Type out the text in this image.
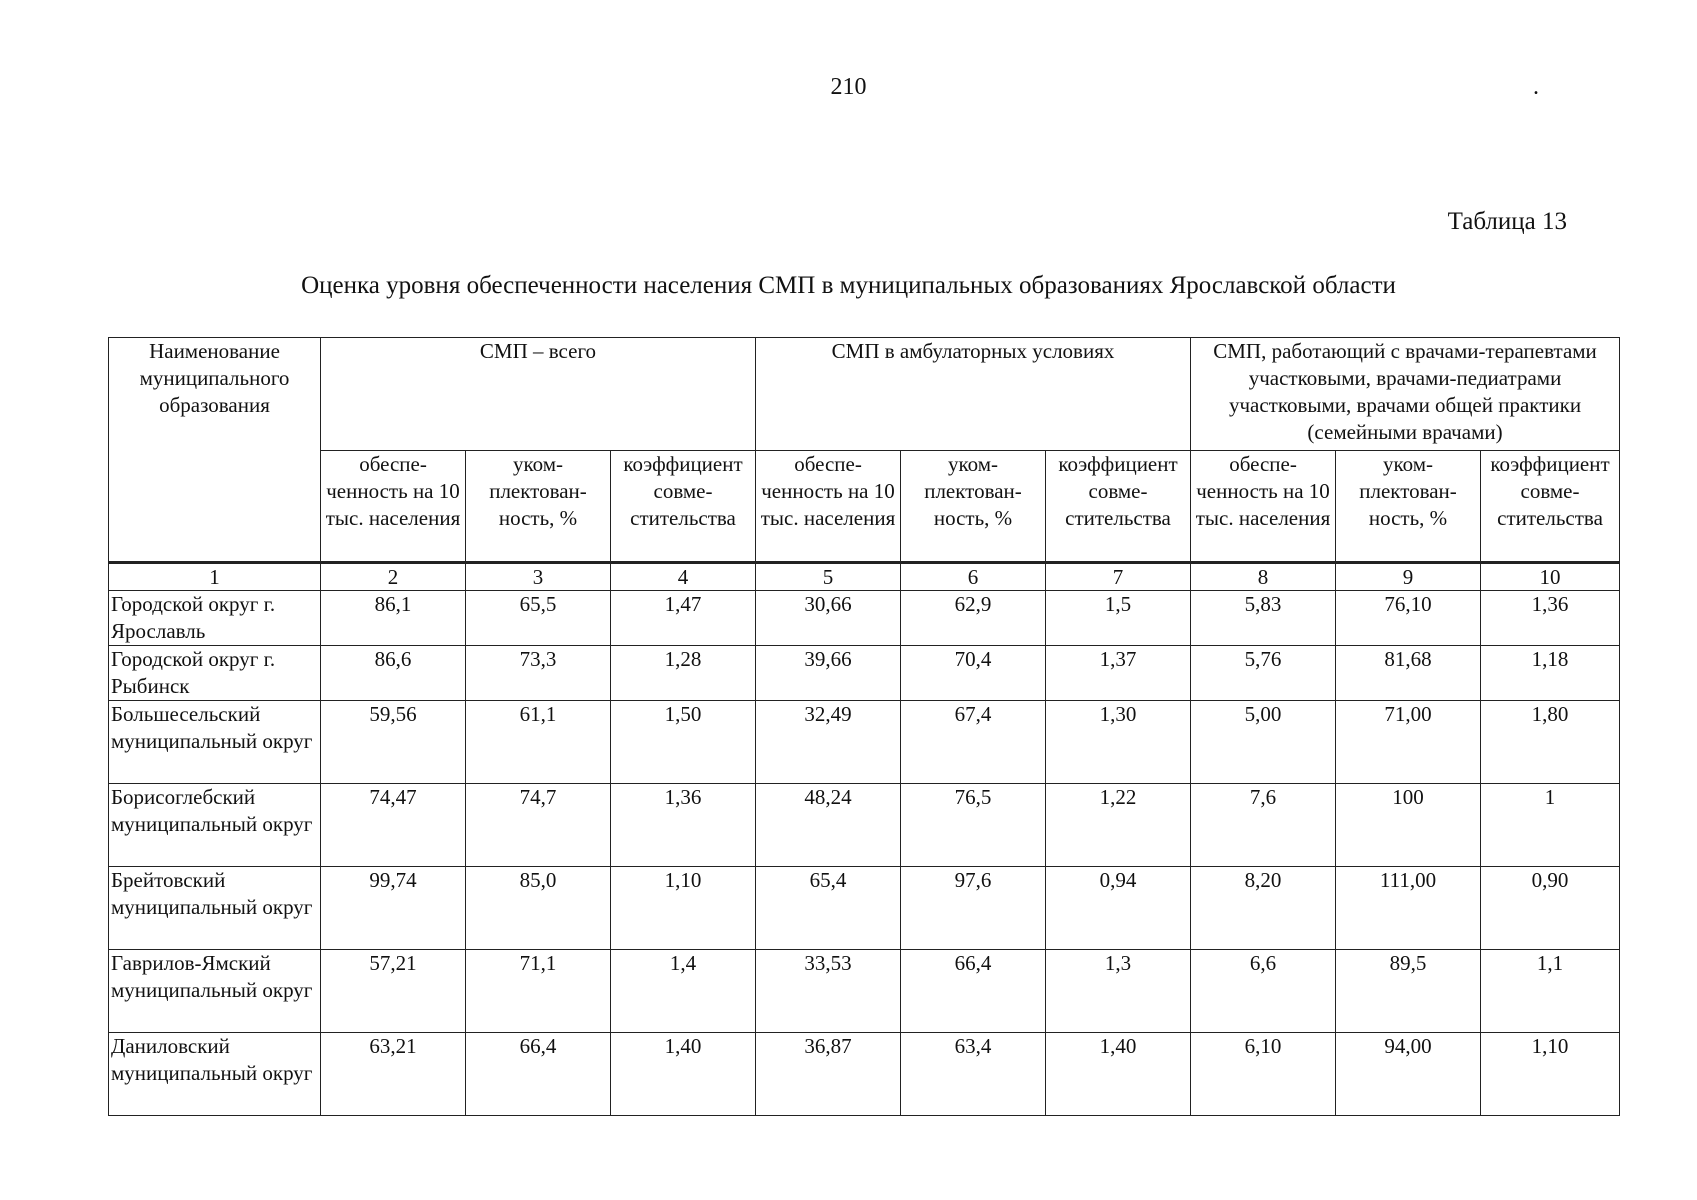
210	.
Таблица 13
Оценка уровня обеспеченности населения СМП в муниципальных образованиях Ярославской области
Наименование муниципального образования	СМП – всего			СМП в амбулаторных условиях			СМП, работающий с врачами-терапевтами участковыми, врачами-педиатрами участковыми, врачами общей практики (семейными врачами)		
	обеспе-ченность на 10 тыс. населения	уком-плектован-ность, %	коэффициент совме-стительства	обеспе-ченность на 10 тыс. населения	уком-плектован-ность, %	коэффициент совме-стительства	обеспе-ченность на 10 тыс. населения	уком-плектован-ность, %	коэффициент совме-стительства
1	2	3	4	5	6	7	8	9	10
Городской округ г. Ярославль	86,1	65,5	1,47	30,66	62,9	1,5	5,83	76,10	1,36
Городской округ г. Рыбинск	86,6	73,3	1,28	39,66	70,4	1,37	5,76	81,68	1,18
Большесельский муниципальный округ	59,56	61,1	1,50	32,49	67,4	1,30	5,00	71,00	1,80
Борисоглебский муниципальный округ	74,47	74,7	1,36	48,24	76,5	1,22	7,6	100	1
Брейтовский муниципальный округ	99,74	85,0	1,10	65,4	97,6	0,94	8,20	111,00	0,90
Гаврилов-Ямский муниципальный округ	57,21	71,1	1,4	33,53	66,4	1,3	6,6	89,5	1,1
Даниловский муниципальный округ	63,21	66,4	1,40	36,87	63,4	1,40	6,10	94,00	1,10
